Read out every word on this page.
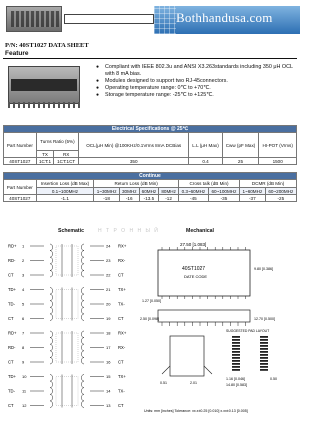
Bothhandusa.com
P/N: 40ST1027 DATA SHEET
Feature
● Compliant with IEEE 802.3u and ANSI X3.263standards including 350 μH OCL with 8 mA bias.
● Modules designed to support two RJ-45connectors.
● Operating temperature range: 0℃ to +70℃.
● Storage temperature range: -25℃ to +125℃.
Electrical Specifications @ 25℃						
Part Number	Turns Ratio (5%)		OCL(μH Min) @100KHz/0.1Vrms 8mA DCBias	L.L (μH Max)	Cww (pF Max)	HI-POT (Vrms)
	TX	RX				
40ST1027	1CT:1	1CT:1CT	350	0.4	25	1500
Continue									
Part Number	Insertion Loss (dB Max)	Return Loss (dB Min)				Cross talk (dB Min)		DCMR (dB Min)	
	0.1~100MHz	1~30MHz	30MHz	60MHz	80MHz	0.3~60MHz	60~100MHz	1~60MHz	60~200MHz
40ST1027	-1.1	-18	-16	-13.5	-12	-45	-35	-37	-25
Schematic	Н Т Р О Н Н Ы Й	Mechanical
RD+ 1	24 RX+
RD- 2	23 RX-
CT 3	22 CT
TD+ 4	21 TX+
TD- 5	20 TX-
CT 6	19 CT
RD+ 7	18 RX+
RD- 8	17 RX-
CT 9	16 CT
TD+ 10	15 TX+
TD- 11	14 TX-
CT 12	13 CT
27.50 [1.083]
40ST1027
DATE CODE
1.27 [0.050]
9.80 [0.386]
2.50 [0.098]	12.70 [0.500]
0.51	2.01
SUGGESTED PAD LAYOUT
1.16 [0.046]
14.80 [0.583]
0.50
Units: mm [inches] Tolerance: xx.x±0.25 [0.010] x.xx±0.13 [0.005]
